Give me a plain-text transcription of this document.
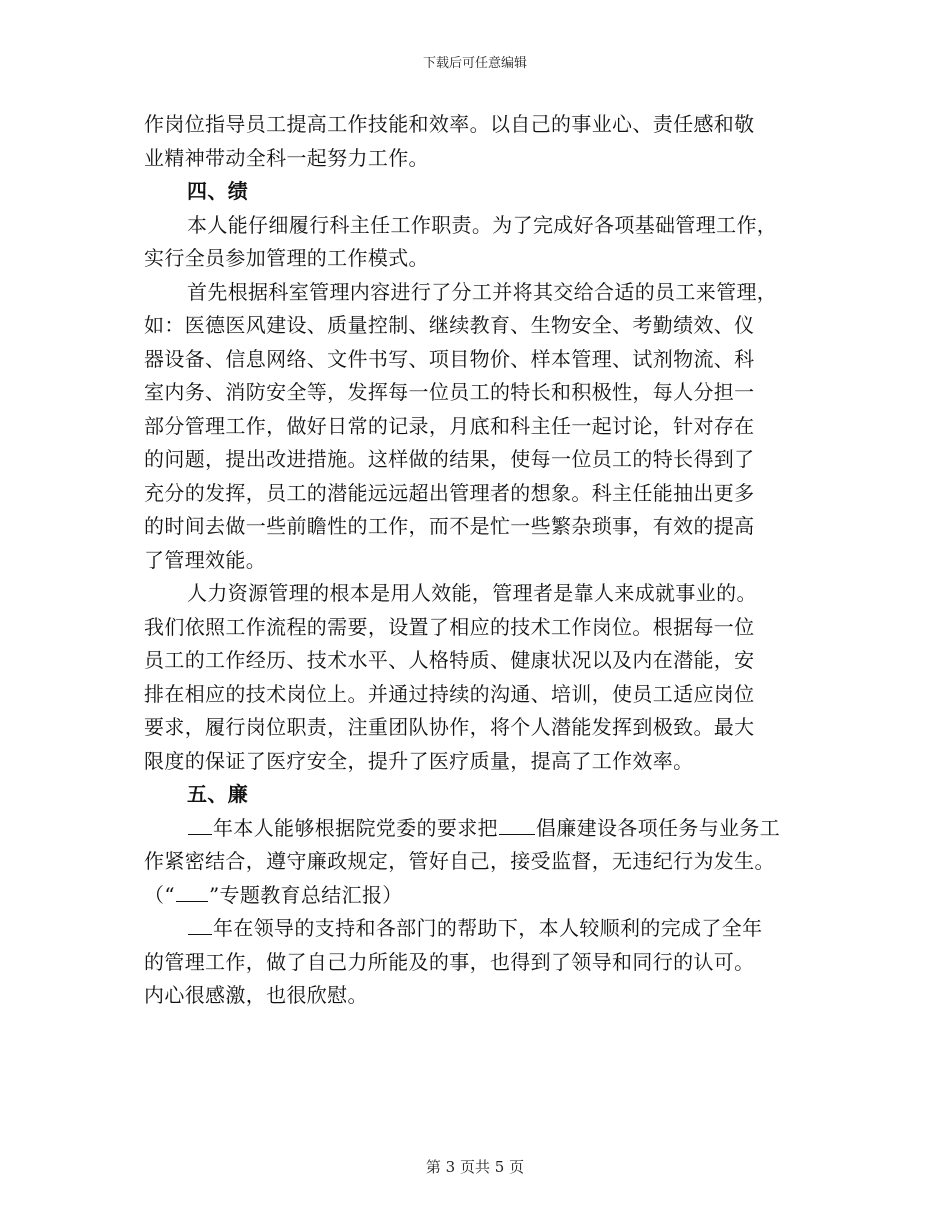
下载后可任意编辑
作岗位指导员工提高工作技能和效率。以自己的事业心、责任感和敬
业精神带动全科一起努力工作。
四、绩
本人能仔细履行科主任工作职责。为了完成好各项基础管理工作，
实行全员参加管理的工作模式。
首先根据科室管理内容进行了分工并将其交给合适的员工来管理，
如：医德医风建设、质量控制、继续教育、生物安全、考勤绩效、仪
器设备、信息网络、文件书写、项目物价、样本管理、试剂物流、科
室内务、消防安全等，发挥每一位员工的特长和积极性，每人分担一
部分管理工作，做好日常的记录，月底和科主任一起讨论，针对存在
的问题，提出改进措施。这样做的结果，使每一位员工的特长得到了
充分的发挥，员工的潜能远远超出管理者的想象。科主任能抽出更多
的时间去做一些前瞻性的工作，而不是忙一些繁杂琐事，有效的提高
了管理效能。
人力资源管理的根本是用人效能，管理者是靠人来成就事业的。
我们依照工作流程的需要，设置了相应的技术工作岗位。根据每一位
员工的工作经历、技术水平、人格特质、健康状况以及内在潜能，安
排在相应的技术岗位上。并通过持续的沟通、培训，使员工适应岗位
要求，履行岗位职责，注重团队协作，将个人潜能发挥到极致。最大
限度的保证了医疗安全，提升了医疗质量，提高了工作效率。
五、廉
年本人能够根据院党委的要求把 倡廉建设各项任务与业务工
作紧密结合，遵守廉政规定，管好自己，接受监督，无违纪行为发生。
（“ ”专题教育总结汇报）
年在领导的支持和各部门的帮助下，本人较顺利的完成了全年
的管理工作，做了自己力所能及的事，也得到了领导和同行的认可。
内心很感激，也很欣慰。
第 3 页共 5 页
